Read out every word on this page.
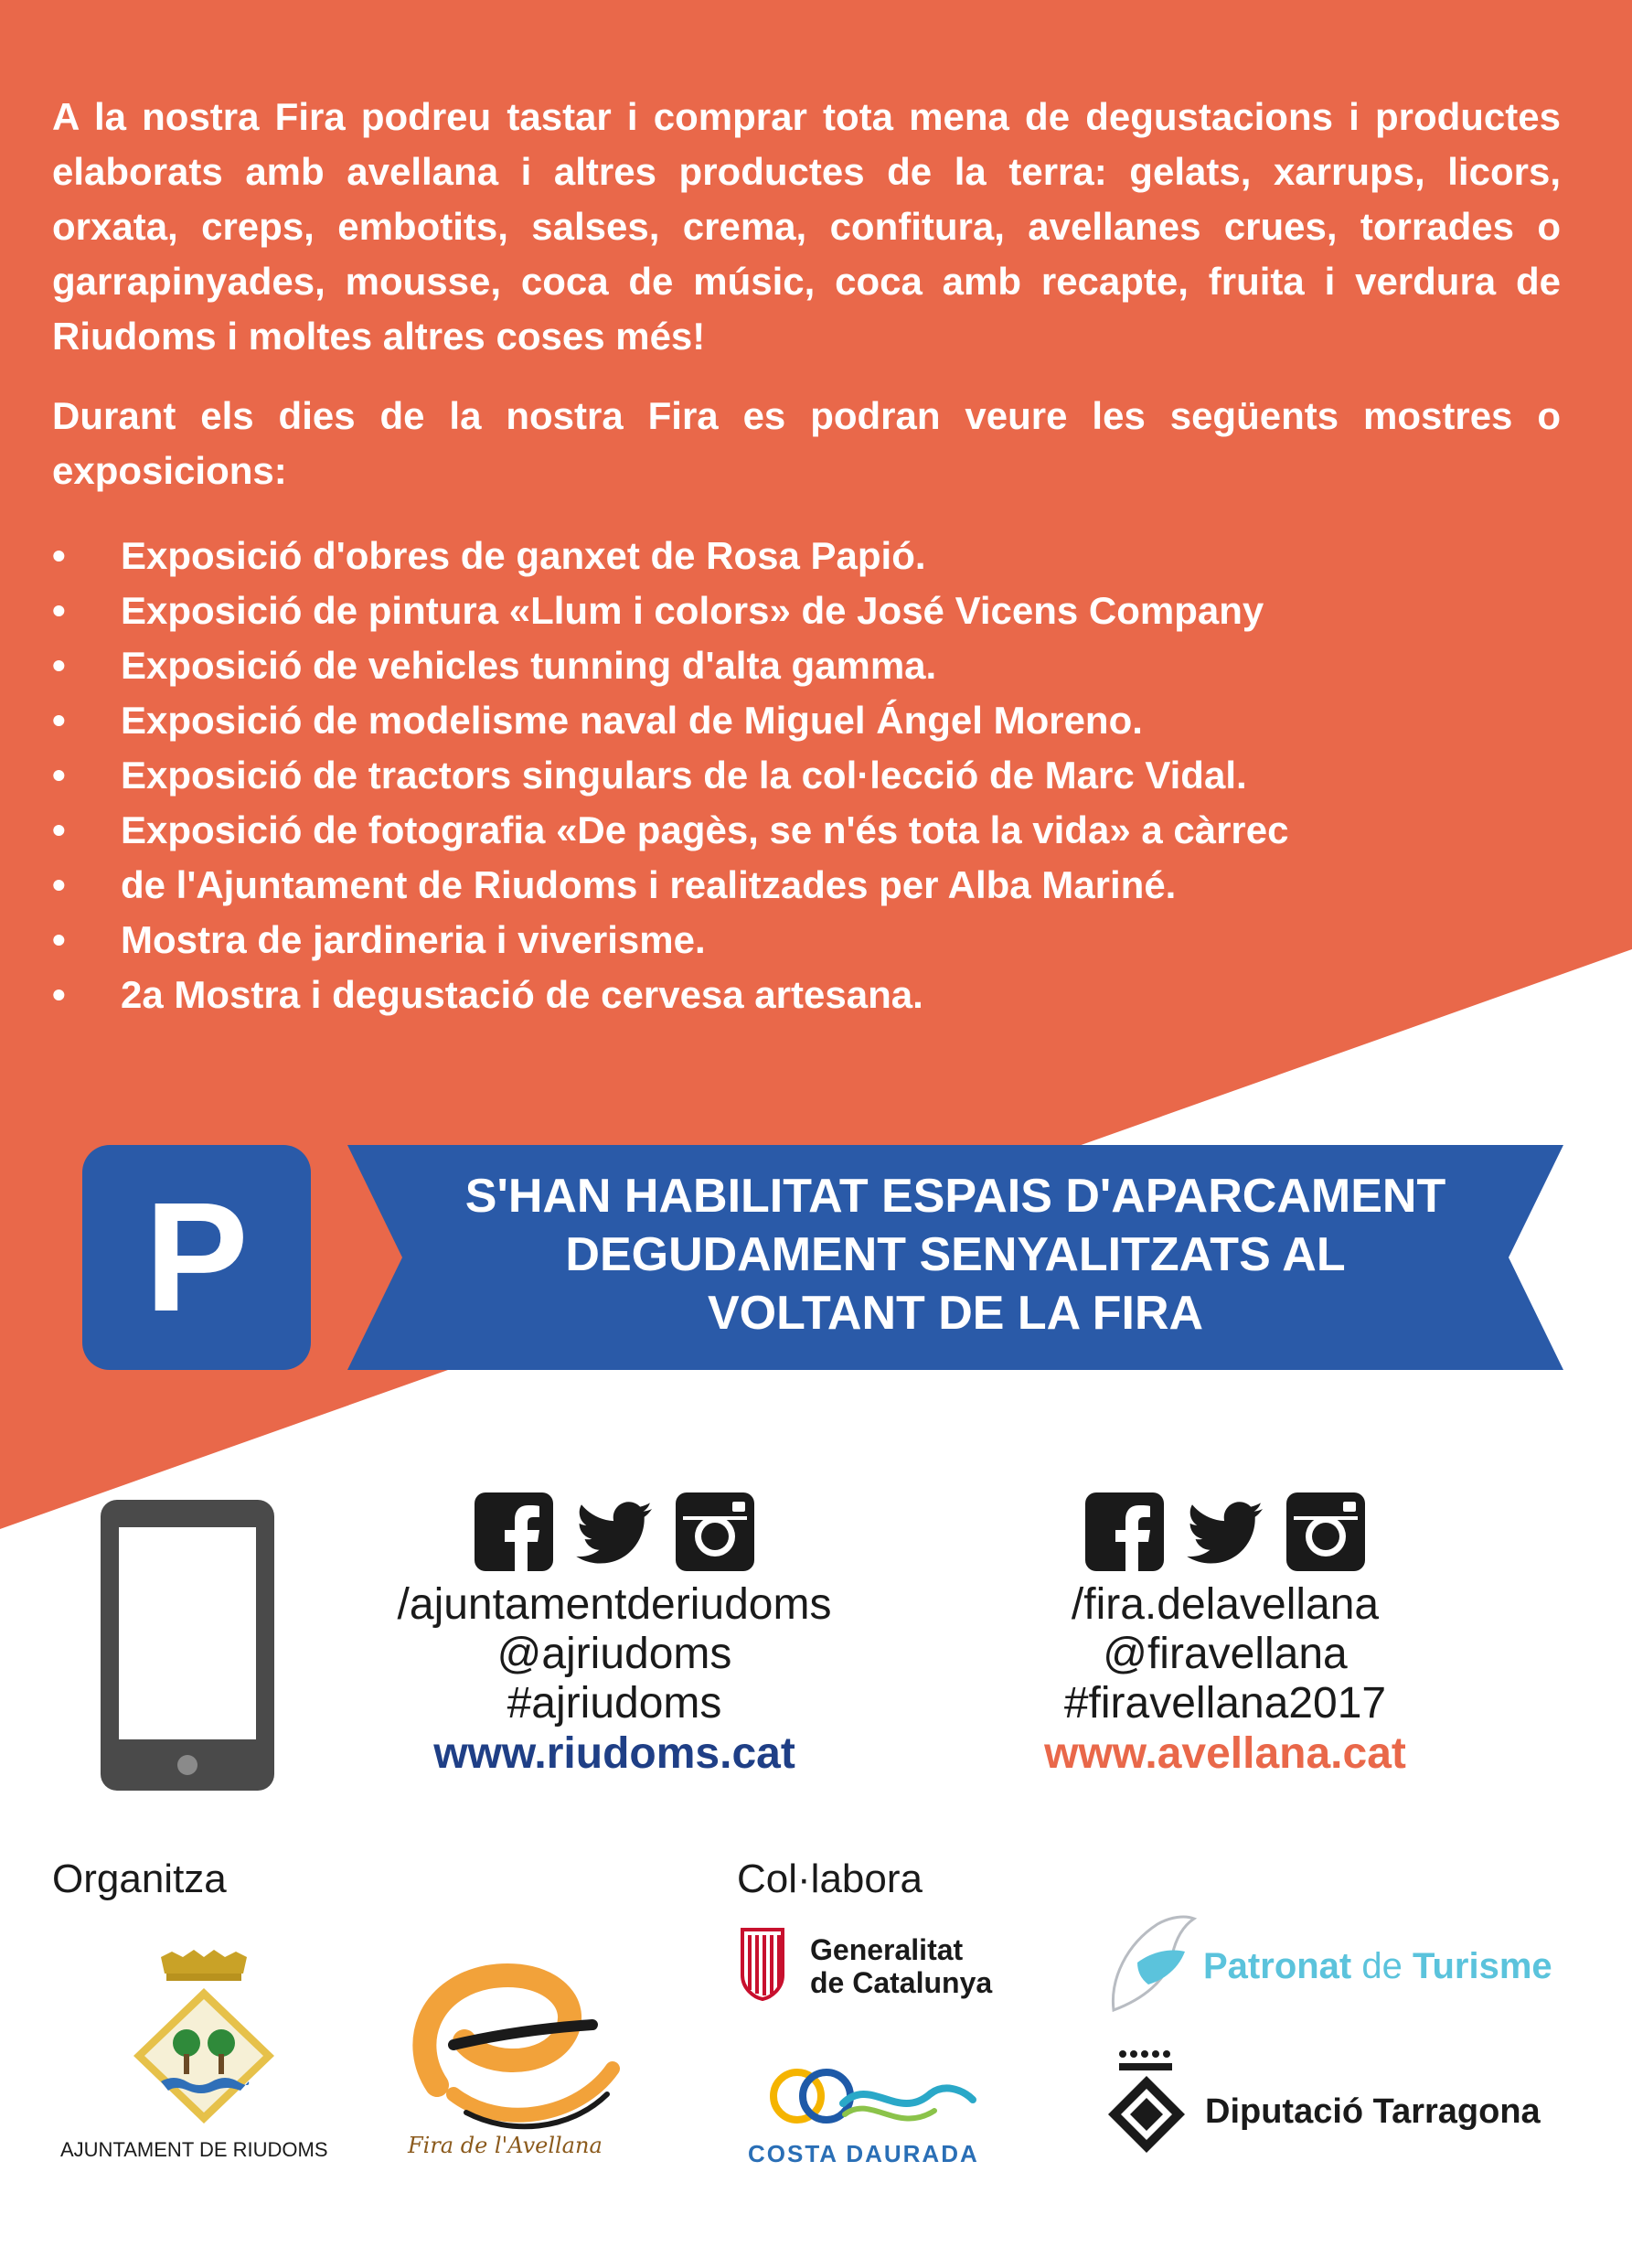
A la nostra Fira podreu tastar i comprar tota mena de degustacions i productes elaborats amb avellana i altres productes de la terra: gelats, xarrups, licors, orxata, creps, embotits, salses, crema, confitura, avellanes crues, torrades o garrapinyades, mousse, coca de músic, coca amb recapte, fruita i verdura de Riudoms i moltes altres coses més!

Durant els dies de la nostra Fira es podran veure les següents mostres o exposicions:

• Exposició d'obres de ganxet de Rosa Papió.
• Exposició de pintura «Llum i colors» de José Vicens Company
• Exposició de vehicles tunning d'alta gamma.
• Exposició de modelisme naval de Miguel Ángel Moreno.
• Exposició de tractors singulars de la col·lecció de Marc Vidal.
• Exposició de fotografia «De pagès, se n'és tota la vida» a càrrec
• de l'Ajuntament de Riudoms i realitzades per Alba Mariné.
• Mostra de jardineria i viverisme.
• 2a Mostra i degustació de cervesa artesana.
P	S'HAN HABILITAT ESPAIS D'APARCAMENT
DEGUDAMENT SENYALITZATS AL
VOLTANT DE LA FIRA
/ajuntamentderiudoms
@ajriudoms
#ajriudoms
www.riudoms.cat
/fira.delavellana
@firavellana
#firavellana2017
www.avellana.cat
Organitza	Col·labora
AJUNTAMENT DE RIUDOMS	Fira de l'Avellana
Generalitat
de Catalunya	Patronat de Turisme
COSTA DAURADA
Diputació Tarragona
